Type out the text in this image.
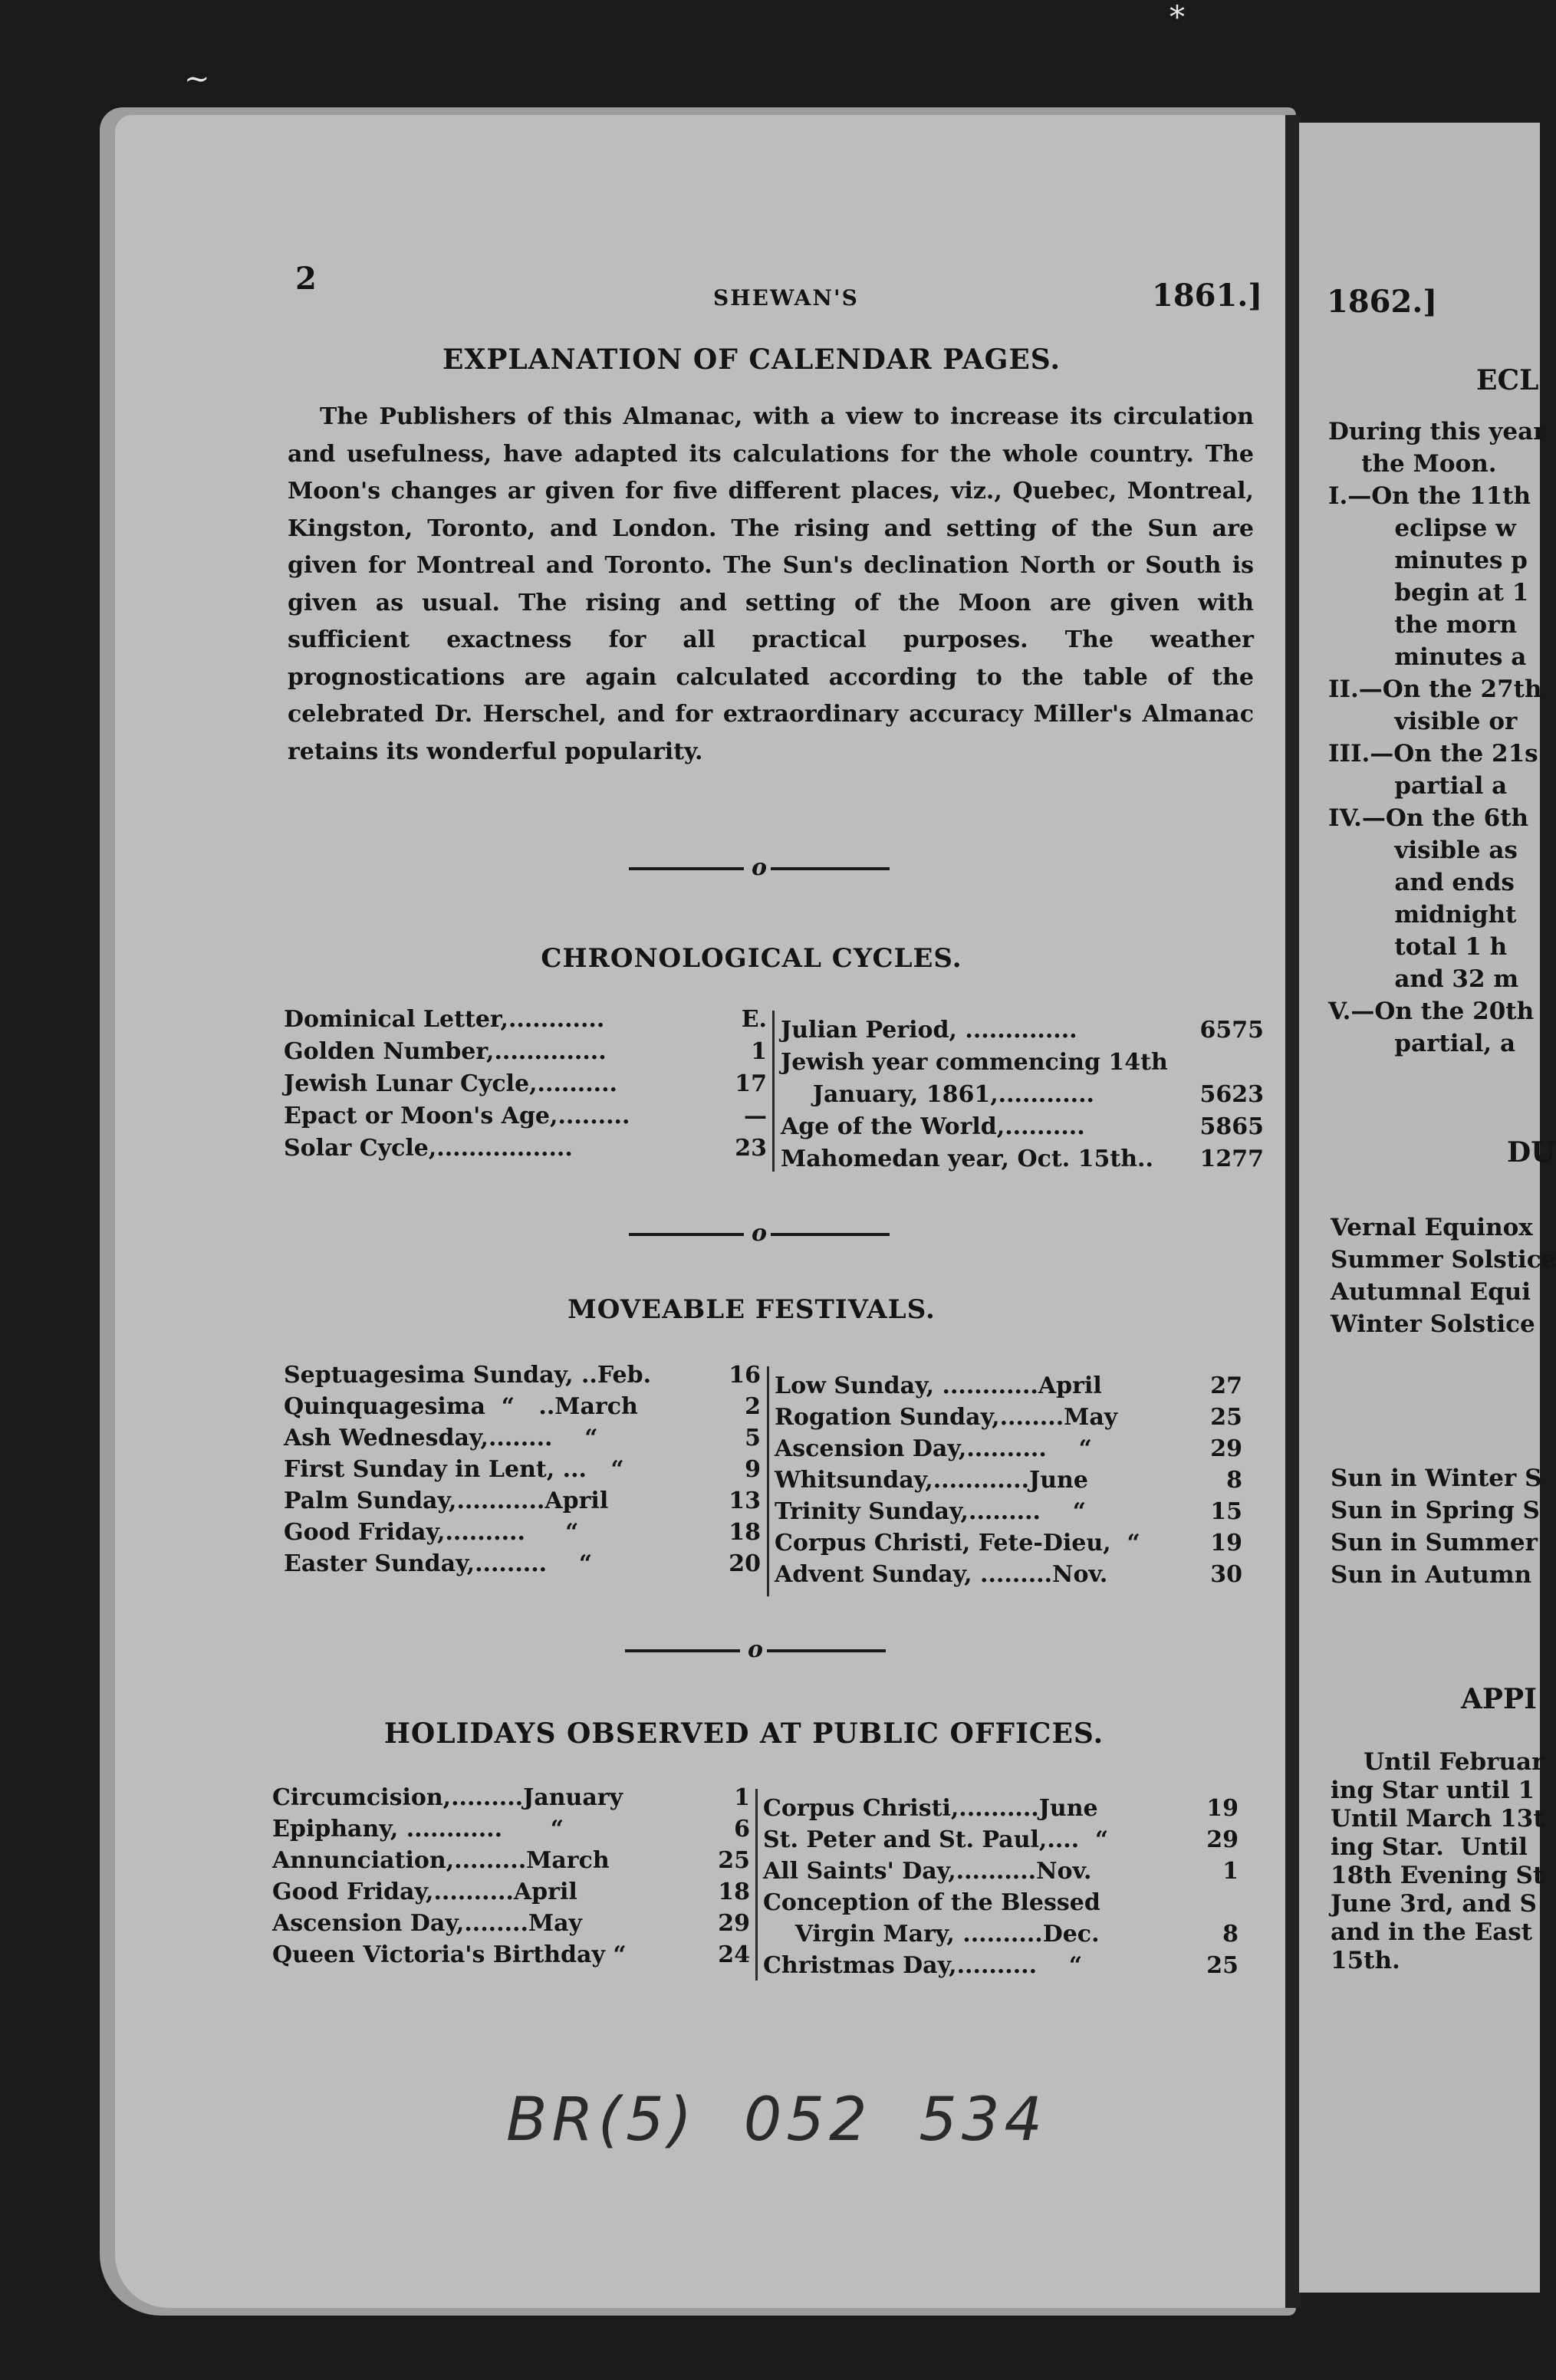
~
*
2
SHEWAN'S	1861.]
EXPLANATION OF CALENDAR PAGES.

The Publishers of this Almanac, with a view to increase its circulation and usefulness, have adapted its calculations for the whole country. The Moon's changes ar given for five different places, viz., Quebec, Montreal, Kingston, Toronto, and London. The rising and setting of the Sun are given for Montreal and Toronto. The Sun's declination North or South is given as usual. The rising and setting of the Moon are given with sufficient exactness for all practical purposes. The weather prognostications are again calculated according to the table of the celebrated Dr. Herschel, and for extraordinary accuracy Miller's Almanac retains its wonderful popularity.

o
CHRONOLOGICAL CYCLES.
Dominical Letter,............	E.
Golden Number,..............	1
Jewish Lunar Cycle,..........	17
Epact or Moon's Age,.........	—
Solar Cycle,.................	23
Julian Period, ..............	6575
Jewish year commencing 14th
January, 1861,............	5623
Age of the World,..........	5865
Mahomedan year, Oct. 15th..	1277
o
MOVEABLE FESTIVALS.
Septuagesima Sunday, ..Feb.	16
Quinquagesima  “   ..March	2
Ash Wednesday,........    “	5
First Sunday in Lent, ...   “	9
Palm Sunday,...........April	13
Good Friday,..........     “	18
Easter Sunday,.........    “	20
Low Sunday, ............April	27
Rogation Sunday,........May	25
Ascension Day,..........    “	29
Whitsunday,............June	8
Trinity Sunday,.........    “	15
Corpus Christi, Fete-Dieu,  “	19
Advent Sunday, .........Nov.	30
o
HOLIDAYS OBSERVED AT PUBLIC OFFICES.
Circumcision,.........January	1
Epiphany, ............      “	6
Annunciation,.........March	25
Good Friday,..........April	18
Ascension Day,........May	29
Queen Victoria's Birthday “	24
Corpus Christi,..........June	19
St. Peter and St. Paul,....  “	29
All Saints' Day,..........Nov.	1
Conception of the Blessed
Virgin Mary, ..........Dec.	8
Christmas Day,..........    “	25
BR(5)  052  534
1862.]
ECL
During this year
the Moon.
I.—On the 11th
eclipse w
minutes p
begin at 1
the morn
minutes a
II.—On the 27th
visible or
III.—On the 21s
partial a
IV.—On the 6th
visible as
and ends
midnight
total 1 h
and 32 m
V.—On the 20th
partial, a
DU
Vernal Equinox
Summer Solstice
Autumnal Equi
Winter Solstice
Sun in Winter S
Sun in Spring S
Sun in Summer
Sun in Autumn
APPI
Until Februar
ing Star until 1
Until March 13t
ing Star.  Until
18th Evening St
June 3rd, and S
and in the East
15th.
